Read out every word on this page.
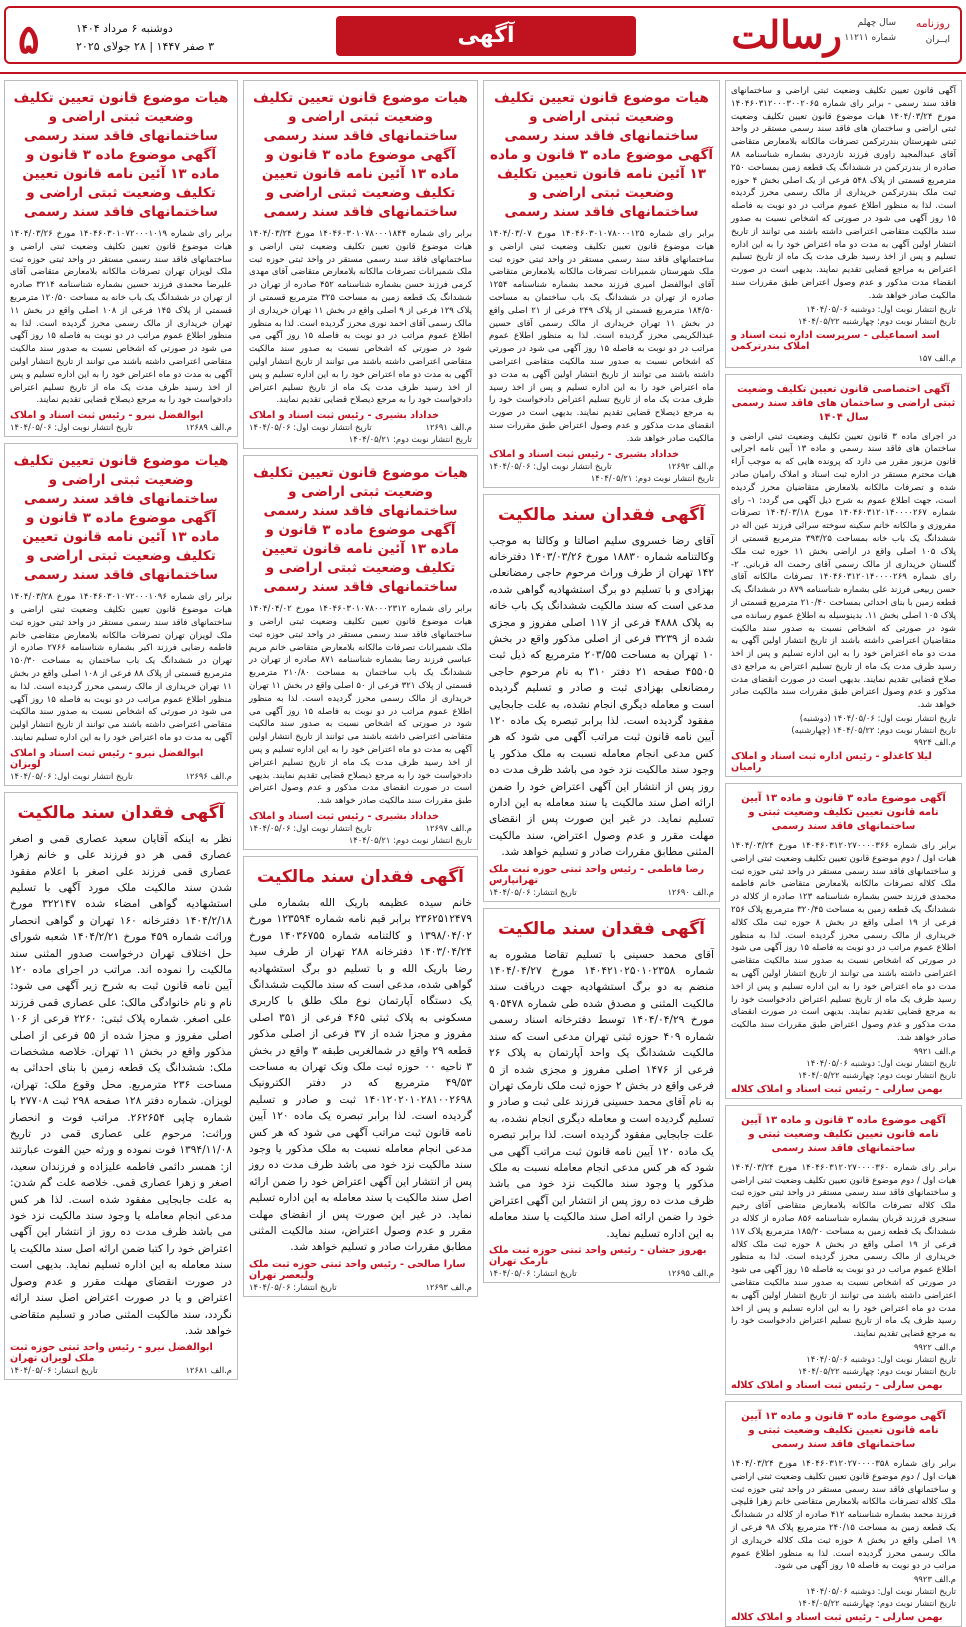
روزنامه
ایــران
سال چهلم
شماره ۱۱۲۱۱
رسالت
آگهی
دوشنبه ۶ مرداد ۱۴۰۴
۳ صفر ۱۴۴۷ | ۲۸ جولای ۲۰۲۵
۵

آگهی قانون تعیین تکلیف وضعیت ثبتی اراضی و ساختمانهای فاقد سند رسمی - برابر رای شماره ۱۴۰۴۶۰۳۱۲۰۰۰۳۰۰۲۰۶۵ مورخ ۱۴۰۴/۰۳/۲۴ هیات موضوع قانون تعیین تکلیف وضعیت ثبتی اراضی و ساختمان های فاقد سند رسمی مستقر در واحد ثبتی شهرستان بندرترکمن تصرفات مالکانه بلامعارض متقاضی آقای عبدالمجید زاوری فرزند نازدردی بشماره شناسنامه ۸۸ صادره از بندرترکمن در ششدانگ یک قطعه زمین بمساحت ۲۵۰ مترمربع قسمتی از پلاک ۵۴۸ فرعی از یک اصلی بخش ۴ حوزه ثبت ملک بندرترکمن خریداری از مالک رسمی محرز گردیده است. لذا به منظور اطلاع عموم مراتب در دو نوبت به فاصله ۱۵ روز آگهی می شود در صورتی که اشخاص نسبت به صدور سند مالکیت متقاضی اعتراضی داشته باشند می توانند از تاریخ انتشار اولین آگهی به مدت دو ماه اعتراض خود را به این اداره تسلیم و پس از اخذ رسید ظرف مدت یک ماه از تاریخ تسلیم اعتراض به مراجع قضایی تقدیم نمایند. بدیهی است در صورت انقضاء مدت مذکور و عدم وصول اعتراض طبق مقررات سند مالکیت صادر خواهد شد.

تاریخ انتشار نوبت اول: دوشنبه ۱۴۰۴/۰۵/۰۶
تاریخ انتشار نوبت دوم: چهارشنبه ۱۴۰۴/۰۵/۲۲
اسد اسماعیلی - سرپرست اداره ثبت اسناد و املاک بندرترکمن
م.الف ۱۵۷
آگهی اختصاصی قانون تعیین تکلیف وضعیت ثبتی اراضی و ساختمان های فاقد سند رسمی سال ۱۴۰۴

در اجرای ماده ۳ قانون تعیین تکلیف وضعیت ثبتی اراضی و ساختمان های فاقد سند رسمی و ماده ۱۳ آیین نامه اجرایی قانون مزبور مقرر می دارد که پرونده هایی که به موجب آراء هیات محترم مستقر در اداره ثبت اسناد و املاک رامیان صادر شده و تصرفات مالکانه بلامعارض متقاضیان محرز گردیده است، جهت اطلاع عموم به شرح ذیل آگهی می گردد: ۱- رای شماره ۱۴۰۴۶۰۳۱۲۰۱۴۰۰۰۰۲۶۷ مورخ ۱۴۰۴/۰۳/۱۸ تصرفات مفروزی و مالکانه خانم سکینه سوخته سرائی فرزند عین اله در ششدانگ یک باب خانه بمساحت ۳۹۳/۲۵ مترمربع قسمتی از پلاک ۱۰۵ اصلی واقع در اراضی بخش ۱۱ حوزه ثبت ملک گلستان خریداری از مالک رسمی آقای رحمت اله قربانی. ۲- رای شماره ۱۴۰۴۶۰۳۱۲۰۱۴۰۰۰۰۲۶۹ تصرفات مالکانه آقای حسن ربیعی فرزند علی بشماره شناسنامه ۸۷۹ در ششدانگ یک قطعه زمین با بنای احداثی بمساحت ۲۱۰/۴۰ مترمربع قسمتی از پلاک ۱۰۵ اصلی بخش ۱۱. بدینوسیله به اطلاع عموم رسانده می شود در صورتی که اشخاص نسبت به صدور سند مالکیت متقاضیان اعتراضی داشته باشند از تاریخ انتشار اولین آگهی به مدت دو ماه اعتراض خود را به این اداره تسلیم و پس از اخذ رسید ظرف مدت یک ماه از تاریخ تسلیم اعتراض به مراجع ذی صلاح قضایی تقدیم نمایند. بدیهی است در صورت انقضای مدت مذکور و عدم وصول اعتراض طبق مقررات سند مالکیت صادر خواهد شد.

تاریخ انتشار نوبت اول: ۱۴۰۴/۰۵/۰۶ (دوشنبه)
تاریخ انتشار نوبت دوم: ۱۴۰۴/۰۵/۲۲ (چهارشنبه)
م.الف ۹۹۲۴
لیلا کاغذلو - رئیس اداره ثبت اسناد و املاک رامیان
آگهی موضوع ماده ۳ قانون و ماده ۱۳ آیین نامه قانون تعیین تکلیف وضعیت ثبتی و ساختمانهای فاقد سند رسمی

برابر رای شماره ۱۴۰۴۶۰۳۱۲۰۲۷۰۰۰۰۳۶۶ مورخ ۱۴۰۴/۰۳/۲۴ هیات اول / دوم موضوع قانون تعیین تکلیف وضعیت ثبتی اراضی و ساختمانهای فاقد سند رسمی مستقر در واحد ثبتی حوزه ثبت ملک کلاله تصرفات مالکانه بلامعارض متقاضی خانم فاطمه محمدی فرزند حسن بشماره شناسنامه ۱۲۳ صادره از کلاله در ششدانگ یک قطعه زمین به مساحت ۳۲۰/۴۵ مترمربع پلاک ۲۵۶ فرعی از ۱۹ اصلی واقع در بخش ۸ حوزه ثبت ملک کلاله خریداری از مالک رسمی محرز گردیده است. لذا به منظور اطلاع عموم مراتب در دو نوبت به فاصله ۱۵ روز آگهی می شود در صورتی که اشخاص نسبت به صدور سند مالکیت متقاضی اعتراضی داشته باشند می توانند از تاریخ انتشار اولین آگهی به مدت دو ماه اعتراض خود را به این اداره تسلیم و پس از اخذ رسید ظرف یک ماه از تاریخ تسلیم اعتراض دادخواست خود را به مرجع قضایی تقدیم نمایند. بدیهی است در صورت انقضای مدت مذکور و عدم وصول اعتراض طبق مقررات سند مالکیت صادر خواهد شد.

م.الف ۹۹۲۱
تاریخ انتشار نوبت اول: دوشنبه ۱۴۰۴/۰۵/۰۶
تاریخ انتشار نوبت دوم: چهارشنبه ۱۴۰۴/۰۵/۲۲
بهمن سارلی - رئیس ثبت اسناد و املاک کلاله
آگهی موضوع ماده ۳ قانون و ماده ۱۳ آیین نامه قانون تعیین تکلیف وضعیت ثبتی و ساختمانهای فاقد سند رسمی

برابر رای شماره ۱۴۰۴۶۰۳۱۲۰۲۷۰۰۰۰۳۶۰ مورخ ۱۴۰۴/۰۳/۲۴ هیات اول / دوم موضوع قانون تعیین تکلیف وضعیت ثبتی اراضی و ساختمانهای فاقد سند رسمی مستقر در واحد ثبتی حوزه ثبت ملک کلاله تصرفات مالکانه بلامعارض متقاضی آقای رحیم سنجری فرزند قربان بشماره شناسنامه ۸۵۶ صادره از کلاله در ششدانگ یک قطعه زمین به مساحت ۱۸۵/۲۰ مترمربع پلاک ۱۱۷ فرعی از ۱۹ اصلی واقع در بخش ۸ حوزه ثبت ملک کلاله خریداری از مالک رسمی محرز گردیده است. لذا به منظور اطلاع عموم مراتب در دو نوبت به فاصله ۱۵ روز آگهی می شود در صورتی که اشخاص نسبت به صدور سند مالکیت متقاضی اعتراضی داشته باشند می توانند از تاریخ انتشار اولین آگهی به مدت دو ماه اعتراض خود را به این اداره تسلیم و پس از اخذ رسید ظرف یک ماه از تاریخ تسلیم اعتراض دادخواست خود را به مرجع قضایی تقدیم نمایند.

م.الف ۹۹۲۲
تاریخ انتشار نوبت اول: دوشنبه ۱۴۰۴/۰۵/۰۶
تاریخ انتشار نوبت دوم: چهارشنبه ۱۴۰۴/۰۵/۲۲
بهمن سارلی - رئیس ثبت اسناد و املاک کلاله
آگهی موضوع ماده ۳ قانون و ماده ۱۳ آیین نامه قانون تعیین تکلیف وضعیت ثبتی و ساختمانهای فاقد سند رسمی

برابر رای شماره ۱۴۰۴۶۰۳۱۲۰۲۷۰۰۰۰۳۵۸ مورخ ۱۴۰۴/۰۳/۲۴ هیات اول / دوم موضوع قانون تعیین تکلیف وضعیت ثبتی اراضی و ساختمانهای فاقد سند رسمی مستقر در واحد ثبتی حوزه ثبت ملک کلاله تصرفات مالکانه بلامعارض متقاضی خانم زهرا قلیچی فرزند محمد بشماره شناسنامه ۴۱۲ صادره از کلاله در ششدانگ یک قطعه زمین به مساحت ۲۴۰/۱۵ مترمربع پلاک ۹۸ فرعی از ۱۹ اصلی واقع در بخش ۸ حوزه ثبت ملک کلاله خریداری از مالک رسمی محرز گردیده است. لذا به منظور اطلاع عموم مراتب در دو نوبت به فاصله ۱۵ روز آگهی می شود.

م.الف ۹۹۲۳
تاریخ انتشار نوبت اول: دوشنبه ۱۴۰۴/۰۵/۰۶
تاریخ انتشار نوبت دوم: چهارشنبه ۱۴۰۴/۰۵/۲۲
بهمن سارلی - رئیس ثبت اسناد و املاک کلاله
هیات موضوع قانون تعیین تکلیف وضعیت ثبتی اراضی و ساختمانهای فاقد سند رسمی آگهی موضوع ماده ۳ قانون و ماده ۱۳ آئین نامه قانون تعیین تکلیف وضعیت ثبتی اراضی و ساختمانهای فاقد سند رسمی

برابر رای شماره ۱۴۰۴۶۰۳۰۱۰۷۸۰۰۰۱۲۵ مورخ ۱۴۰۴/۰۳/۰۷ هیات موضوع قانون تعیین تکلیف وضعیت ثبتی اراضی و ساختمانهای فاقد سند رسمی مستقر در واحد ثبتی حوزه ثبت ملک شهرستان شمیرانات تصرفات مالکانه بلامعارض متقاضی آقای ابوالفضل امیری فرزند محمد بشماره شناسنامه ۱۲۵۴ صادره از تهران در ششدانگ یک باب ساختمان به مساحت ۱۸۴/۵۰ مترمربع قسمتی از پلاک ۲۴۹ فرعی از ۲۱ اصلی واقع در بخش ۱۱ تهران خریداری از مالک رسمی آقای حسین عبدالکریمی محرز گردیده است. لذا به منظور اطلاع عموم مراتب در دو نوبت به فاصله ۱۵ روز آگهی می شود در صورتی که اشخاص نسبت به صدور سند مالکیت متقاضی اعتراضی داشته باشند می توانند از تاریخ انتشار اولین آگهی به مدت دو ماه اعتراض خود را به این اداره تسلیم و پس از اخذ رسید ظرف مدت یک ماه از تاریخ تسلیم اعتراض دادخواست خود را به مرجع ذیصلاح قضایی تقدیم نمایند. بدیهی است در صورت انقضای مدت مذکور و عدم وصول اعتراض طبق مقررات سند مالکیت صادر خواهد شد.

خداداد بشیری - رئیس ثبت اسناد و املاک
م.الف ۱۲۶۹۲
تاریخ انتشار نوبت اول: ۱۴۰۴/۰۵/۰۶
تاریخ انتشار نوبت دوم: ۱۴۰۴/۰۵/۲۱
آگهی فقدان سند مالکیت

آقای رضا خسروی سلیم اصالتا و وکالتا به موجب وکالتنامه شماره ۱۸۸۳۰ مورخ ۱۴۰۳/۰۳/۲۶ دفترخانه ۱۴۲ تهران از طرف وراث مرحوم حاجی رمضانعلی بهزادی و با تسلیم دو برگ استشهادیه گواهی شده، مدعی است که سند مالکیت ششدانگ یک باب خانه به پلاک ۴۸۸۸ فرعی از ۱۱۷ اصلی مفروز و مجزی شده از ۳۲۳۹ فرعی از اصلی مذکور واقع در بخش ۱۰ تهران به مساحت ۲۰۳/۵۵ مترمربع که ذیل ثبت ۴۵۵۰۵ صفحه ۲۱ دفتر ۳۱۰ به نام مرحوم حاجی رمضانعلی بهزادی ثبت و صادر و تسلیم گردیده است و معامله دیگری انجام نشده، به علت جابجایی مفقود گردیده است. لذا برابر تبصره یک ماده ۱۲۰ آیین نامه قانون ثبت مراتب آگهی می شود که هر کس مدعی انجام معامله نسبت به ملک مذکور یا وجود سند مالکیت نزد خود می باشد ظرف مدت ده روز پس از انتشار این آگهی اعتراض خود را ضمن ارائه اصل سند مالکیت یا سند معامله به این اداره تسلیم نماید. در غیر این صورت پس از انقضای مهلت مقرر و عدم وصول اعتراض، سند مالکیت المثنی مطابق مقررات صادر و تسلیم خواهد شد.

رضا فاطمی - رئیس واحد ثبتی حوزه ثبت ملک تهرانپارس
م.الف ۱۲۶۹۰
تاریخ انتشار: ۱۴۰۴/۰۵/۰۶
آگهی فقدان سند مالکیت

آقای محمد حسینی با تسلیم تقاضا مشوره به شماره ۱۴۰۴۲۱۰۲۵۰۱۰۲۳۵۸ مورخ ۱۴۰۴/۰۴/۲۷ منضم به دو برگ استشهادیه جهت دریافت سند مالکیت المثنی و مصدق شده طی شماره ۹۰۵۴۷۸ مورخ ۱۴۰۴/۰۴/۲۹ توسط دفترخانه اسناد رسمی شماره ۴۰۹ حوزه ثبتی تهران مدعی است که سند مالکیت ششدانگ یک واحد آپارتمان به پلاک ۲۶ فرعی از ۱۴۷۶ اصلی مفروز و مجزی شده از ۵ فرعی واقع در بخش ۲ حوزه ثبت ملک نارمک تهران به نام آقای محمد حسینی فرزند علی ثبت و صادر و تسلیم گردیده است و معامله دیگری انجام نشده، به علت جابجایی مفقود گردیده است. لذا برابر تبصره یک ماده ۱۲۰ آیین نامه قانون ثبت مراتب آگهی می شود که هر کس مدعی انجام معامله نسبت به ملک مذکور یا وجود سند مالکیت نزد خود می باشد ظرف مدت ده روز پس از انتشار این آگهی اعتراض خود را ضمن ارائه اصل سند مالکیت یا سند معامله به این اداره تسلیم نماید.

بهروز جشان - رئیس واحد ثبتی حوزه ثبت ملک نارمک تهران
م.الف ۱۲۶۹۵
تاریخ انتشار: ۱۴۰۴/۰۵/۰۶
هیات موضوع قانون تعیین تکلیف وضعیت ثبتی اراضی و ساختمانهای فاقد سند رسمی آگهی موضوع ماده ۳ قانون و ماده ۱۳ آئین نامه قانون تعیین تکلیف وضعیت ثبتی اراضی و ساختمانهای فاقد سند رسمی

برابر رای شماره ۱۴۰۴۶۰۳۰۱۰۷۸۰۰۰۱۸۴۴ مورخ ۱۴۰۴/۰۳/۲۴ هیات موضوع قانون تعیین تکلیف وضعیت ثبتی اراضی و ساختمانهای فاقد سند رسمی مستقر در واحد ثبتی حوزه ثبت ملک شمیرانات تصرفات مالکانه بلامعارض متقاضی آقای مهدی کرمی فرزند حسن بشماره شناسنامه ۴۵۲ صادره از تهران در ششدانگ یک قطعه زمین به مساحت ۳۲۵ مترمربع قسمتی از پلاک ۱۲۹ فرعی از ۹ اصلی واقع در بخش ۱۱ تهران خریداری از مالک رسمی آقای احمد نوری محرز گردیده است. لذا به منظور اطلاع عموم مراتب در دو نوبت به فاصله ۱۵ روز آگهی می شود در صورتی که اشخاص نسبت به صدور سند مالکیت متقاضی اعتراضی داشته باشند می توانند از تاریخ انتشار اولین آگهی به مدت دو ماه اعتراض خود را به این اداره تسلیم و پس از اخذ رسید ظرف مدت یک ماه از تاریخ تسلیم اعتراض دادخواست خود را به مرجع ذیصلاح قضایی تقدیم نمایند.

خداداد بشیری - رئیس ثبت اسناد و املاک
م.الف ۱۲۶۹۱
تاریخ انتشار نوبت اول: ۱۴۰۴/۰۵/۰۶
تاریخ انتشار نوبت دوم: ۱۴۰۴/۰۵/۲۱
هیات موضوع قانون تعیین تکلیف وضعیت ثبتی اراضی و ساختمانهای فاقد سند رسمی آگهی موضوع ماده ۳ قانون و ماده ۱۳ آئین نامه قانون تعیین تکلیف وضعیت ثبتی اراضی و ساختمانهای فاقد سند رسمی

برابر رای شماره ۱۴۰۴۶۰۳۰۱۰۷۸۰۰۰۲۳۱۲ مورخ ۱۴۰۴/۰۴/۰۲ هیات موضوع قانون تعیین تکلیف وضعیت ثبتی اراضی و ساختمانهای فاقد سند رسمی مستقر در واحد ثبتی حوزه ثبت ملک شمیرانات تصرفات مالکانه بلامعارض متقاضی خانم مریم عباسی فرزند رضا بشماره شناسنامه ۸۷۱ صادره از تهران در ششدانگ یک باب ساختمان به مساحت ۲۱۰/۸۰ مترمربع قسمتی از پلاک ۳۲۱ فرعی از ۵۰ اصلی واقع در بخش ۱۱ تهران خریداری از مالک رسمی محرز گردیده است. لذا به منظور اطلاع عموم مراتب در دو نوبت به فاصله ۱۵ روز آگهی می شود در صورتی که اشخاص نسبت به صدور سند مالکیت متقاضی اعتراضی داشته باشند می توانند از تاریخ انتشار اولین آگهی به مدت دو ماه اعتراض خود را به این اداره تسلیم و پس از اخذ رسید ظرف مدت یک ماه از تاریخ تسلیم اعتراض دادخواست خود را به مرجع ذیصلاح قضایی تقدیم نمایند. بدیهی است در صورت انقضای مدت مذکور و عدم وصول اعتراض طبق مقررات سند مالکیت صادر خواهد شد.

خداداد بشیری - رئیس ثبت اسناد و املاک
م.الف ۱۲۶۹۷
تاریخ انتشار نوبت اول: ۱۴۰۴/۰۵/۰۶
تاریخ انتشار نوبت دوم: ۱۴۰۴/۰۵/۲۱
آگهی فقدان سند مالکیت

خانم سیده عظیمه باریک الله بشماره ملی ۲۳۶۲۵۱۲۴۷۹ برابر قیم نامه شماره ۱۲۳۵۹۴ مورخ ۱۳۹۸/۰۴/۰۲ و کالتنامه شماره ۱۴۰۳۶۷۵۵ مورخ ۱۴۰۳/۰۴/۲۴ دفترخانه ۲۸۸ تهران از طرف سید رضا باریک الله و با تسلیم دو برگ استشهادیه گواهی شده، مدعی است که سند مالکیت ششدانگ یک دستگاه آپارتمان نوع ملک طلق با کاربری مسکونی به پلاک ثبتی ۴۶۵ فرعی از ۳۵۱ اصلی مفروز و مجزا شده از ۳۷ فرعی از اصلی مذکور قطعه ۲۹ واقع در شمالغربی طبقه ۳ واقع در بخش ۳ ناحیه ۰۰ حوزه ثبت ملک ونک تهران به مساحت ۴۹/۵۳ مترمربع که در دفتر الکترونیک ۱۴۰۱۲۰۲۰۱۰۲۸۱۰۰۲۶۹۸ ثبت و صادر و تسلیم گردیده است. لذا برابر تبصره یک ماده ۱۲۰ آیین نامه قانون ثبت مراتب آگهی می شود که هر کس مدعی انجام معامله نسبت به ملک مذکور یا وجود سند مالکیت نزد خود می باشد ظرف مدت ده روز پس از انتشار این آگهی اعتراض خود را ضمن ارائه اصل سند مالکیت یا سند معامله به این اداره تسلیم نماید. در غیر این صورت پس از انقضای مهلت مقرر و عدم وصول اعتراض، سند مالکیت المثنی مطابق مقررات صادر و تسلیم خواهد شد.

سارا صالحی - رئیس واحد ثبتی حوزه ثبت ملک ولیعصر تهران
م.الف ۱۲۶۹۳
تاریخ انتشار: ۱۴۰۴/۰۵/۰۶
هیات موضوع قانون تعیین تکلیف وضعیت ثبتی اراضی و ساختمانهای فاقد سند رسمی آگهی موضوع ماده ۳ قانون و ماده ۱۳ آئین نامه قانون تعیین تکلیف وضعیت ثبتی اراضی و ساختمانهای فاقد سند رسمی

برابر رای شماره ۱۴۰۴۶۰۳۰۱۰۷۲۰۰۰۱۰۱۹ مورخ ۱۴۰۴/۰۳/۲۶ هیات موضوع قانون تعیین تکلیف وضعیت ثبتی اراضی و ساختمانهای فاقد سند رسمی مستقر در واحد ثبتی حوزه ثبت ملک لویزان تهران تصرفات مالکانه بلامعارض متقاضی آقای علیرضا محمدی فرزند حسین بشماره شناسنامه ۳۲۱۴ صادره از تهران در ششدانگ یک باب خانه به مساحت ۱۲۰/۵۰ مترمربع قسمتی از پلاک ۱۴۵ فرعی از ۱۰۸ اصلی واقع در بخش ۱۱ تهران خریداری از مالک رسمی محرز گردیده است. لذا به منظور اطلاع عموم مراتب در دو نوبت به فاصله ۱۵ روز آگهی می شود در صورتی که اشخاص نسبت به صدور سند مالکیت متقاضی اعتراضی داشته باشند می توانند از تاریخ انتشار اولین آگهی به مدت دو ماه اعتراض خود را به این اداره تسلیم و پس از اخذ رسید ظرف مدت یک ماه از تاریخ تسلیم اعتراض دادخواست خود را به مرجع ذیصلاح قضایی تقدیم نمایند.

ابوالفضل نیرو - رئیس ثبت اسناد و املاک
م.الف ۱۲۶۸۹
تاریخ انتشار نوبت اول: ۱۴۰۴/۰۵/۰۶
هیات موضوع قانون تعیین تکلیف وضعیت ثبتی اراضی و ساختمانهای فاقد سند رسمی آگهی موضوع ماده ۳ قانون و ماده ۱۳ آئین نامه قانون تعیین تکلیف وضعیت ثبتی اراضی و ساختمانهای فاقد سند رسمی

برابر رای شماره ۱۴۰۴۶۰۳۰۱۰۷۲۰۰۰۱۰۹۶ مورخ ۱۴۰۴/۰۳/۲۸ هیات موضوع قانون تعیین تکلیف وضعیت ثبتی اراضی و ساختمانهای فاقد سند رسمی مستقر در واحد ثبتی حوزه ثبت ملک لویزان تهران تصرفات مالکانه بلامعارض متقاضی خانم فاطمه رضایی فرزند اکبر بشماره شناسنامه ۲۷۶۶ صادره از تهران در ششدانگ یک باب ساختمان به مساحت ۱۵۰/۳۰ مترمربع قسمتی از پلاک ۸۸ فرعی از ۱۰۸ اصلی واقع در بخش ۱۱ تهران خریداری از مالک رسمی محرز گردیده است. لذا به منظور اطلاع عموم مراتب در دو نوبت به فاصله ۱۵ روز آگهی می شود در صورتی که اشخاص نسبت به صدور سند مالکیت متقاضی اعتراضی داشته باشند می توانند از تاریخ انتشار اولین آگهی به مدت دو ماه اعتراض خود را به این اداره تسلیم نمایند.

ابوالفضل نیرو - رئیس ثبت اسناد و املاک لویزان
م.الف ۱۲۶۹۶
تاریخ انتشار نوبت اول: ۱۴۰۴/۰۵/۰۶
آگهی فقدان سند مالکیت

نظر به اینکه آقایان سعید عصاری قمی و اصغر عصاری قمی هر دو فرزند علی و خانم زهرا عصاری قمی فرزند علی اصغر با اعلام مفقود شدن سند مالکیت ملک مورد آگهی با تسلیم استشهادیه گواهی امضاء شده ۳۲۲۱۴۷ مورخ ۱۴۰۴/۲/۱۸ دفترخانه ۱۶۰ تهران و گواهی انحصار وراثت شماره ۴۵۹ مورخ ۱۴۰۴/۲/۲۱ شعبه شورای حل اختلاف تهران درخواست صدور المثنی سند مالکیت را نموده اند. مراتب در اجرای ماده ۱۲۰ آیین نامه قانون ثبت به شرح زیر آگهی می شود: نام و نام خانوادگی مالک: علی عصاری قمی فرزند علی اصغر. شماره پلاک ثبتی: ۲۲۶۰ فرعی از ۱۰۶ اصلی مفروز و مجزا شده از ۵۵ فرعی از اصلی مذکور واقع در بخش ۱۱ تهران. خلاصه مشخصات ملک: ششدانگ یک قطعه زمین با بنای احداثی به مساحت ۲۳۶ مترمربع. محل وقوع ملک: تهران، لویزان. شماره دفتر ۱۲۸ صفحه ۲۹۸ ثبت ۲۷۷۰۸ با شماره چاپی ۲۶۲۶۵۴. مراتب فوت و انحصار وراثت: مرحوم علی عصاری قمی در تاریخ ۱۳۹۴/۱۱/۰۸ فوت نموده و ورثه حین الفوت عبارتند از: همسر دائمی فاطمه علیزاده و فرزندان سعید، اصغر و زهرا عصاری قمی. خلاصه علت گم شدن: به علت جابجایی مفقود شده است. لذا هر کس مدعی انجام معامله یا وجود سند مالکیت نزد خود می باشد ظرف مدت ده روز از انتشار این آگهی اعتراض خود را کتبا ضمن ارائه اصل سند مالکیت یا سند معامله به این اداره تسلیم نماید. بدیهی است در صورت انقضای مهلت مقرر و عدم وصول اعتراض و یا در صورت اعتراض اصل سند ارائه نگردد، سند مالکیت المثنی صادر و تسلیم متقاضی خواهد شد.

ابوالفضل نیرو - رئیس واحد ثبتی حوزه ثبت ملک لویزان تهران
م.الف ۱۲۶۸۱
تاریخ انتشار: ۱۴۰۴/۰۵/۰۶
